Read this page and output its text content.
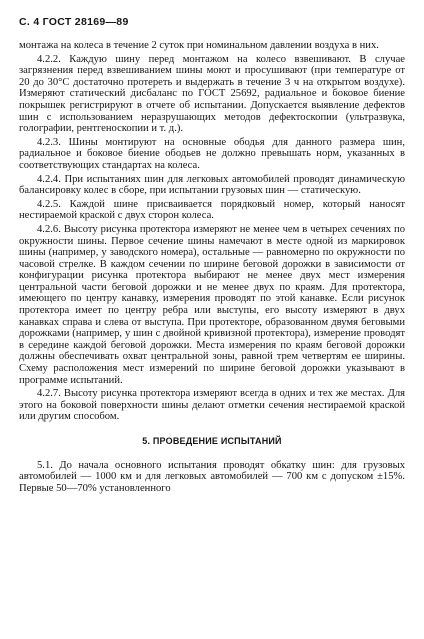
С. 4 ГОСТ 28169—89

монтажа на колеса в течение 2 суток при номинальном давлении воздуха в них.

4.2.2. Каждую шину перед монтажом на колесо взвешивают. В случае загрязнения перед взвешиванием шины моют и просушивают (при температуре от 20 до 30°С достаточно протереть и выдержать в течение 3 ч на открытом воздухе). Измеряют статический дисбаланс по ГОСТ 25692, радиальное и боковое биение покрышек регистрируют в отчете об испытании. Допускается выявление дефектов шин с использованием неразрушающих методов дефектоскопии (ультразвука, голографии, рентгеноскопии и т. д.).

4.2.3. Шины монтируют на основные ободья для данного размера шин, радиальное и боковое биение ободьев не должно превышать норм, указанных в соответствующих стандартах на колеса.

4.2.4. При испытаниях шин для легковых автомобилей проводят динамическую балансировку колес в сборе, при испытании грузовых шин — статическую.

4.2.5. Каждой шине присваивается порядковый номер, который наносят нестираемой краской с двух сторон колеса.

4.2.6. Высоту рисунка протектора измеряют не менее чем в четырех сечениях по окружности шины. Первое сечение шины намечают в месте одной из маркировок шины (например, у заводского номера), остальные — равномерно по окружности по часовой стрелке. В каждом сечении по ширине беговой дорожки в зависимости от конфигурации рисунка протектора выбирают не менее двух мест измерения центральной части беговой дорожки и не менее двух по краям. Для протектора, имеющего по центру канавку, измерения проводят по этой канавке. Если рисунок протектора имеет по центру ребра или выступы, его высоту измеряют в двух канавках справа и слева от выступа. При протекторе, образованном двумя беговыми дорожками (например, у шин с двойной кривизной протектора), измерение проводят в середине каждой беговой дорожки. Места измерения по краям беговой дорожки должны обеспечивать охват центральной зоны, равной трем четвертям ее ширины. Схему расположения мест измерений по ширине беговой дорожки указывают в программе испытаний.

4.2.7. Высоту рисунка протектора измеряют всегда в одних и тех же местах. Для этого на боковой поверхности шины делают отметки сечения нестираемой краской или другим способом.

5. ПРОВЕДЕНИЕ ИСПЫТАНИЙ

5.1. До начала основного испытания проводят обкатку шин: для грузовых автомобилей — 1000 км и для легковых автомобилей — 700 км с допуском ±15%. Первые 50—70% установленного
